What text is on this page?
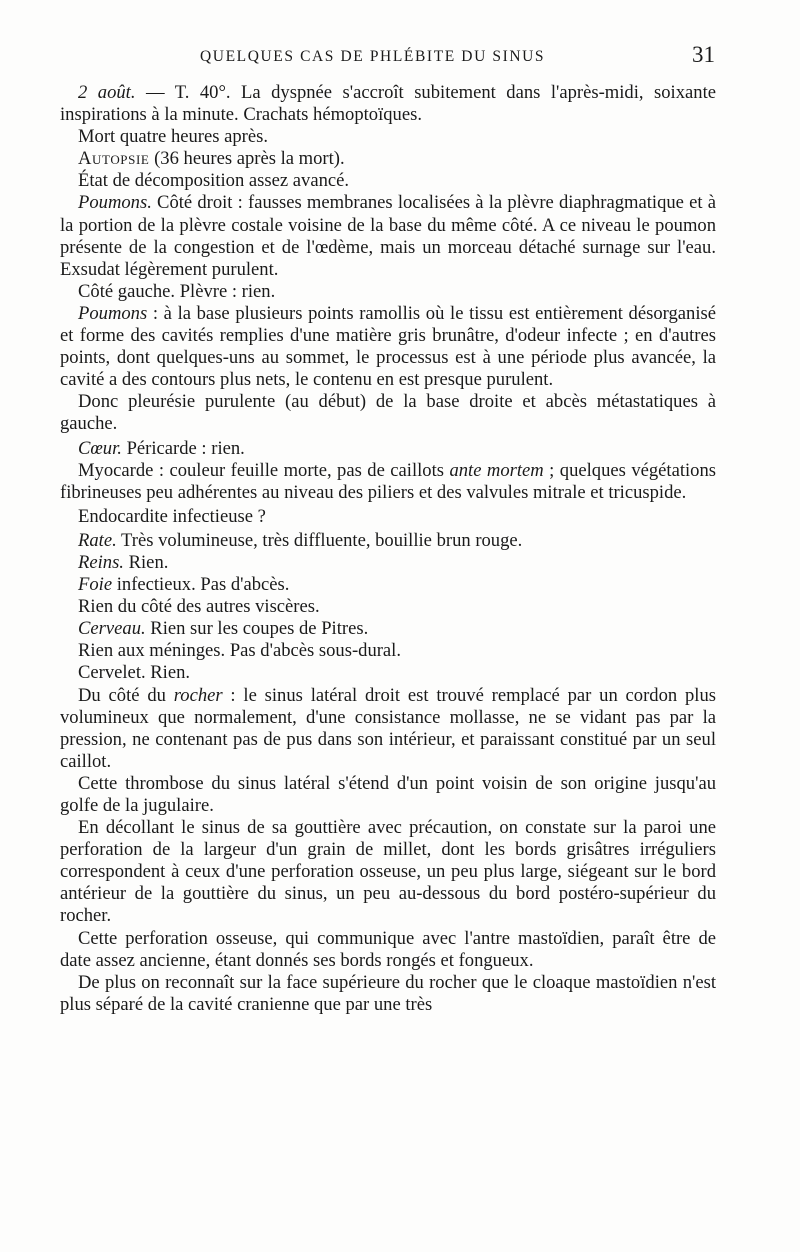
QUELQUES CAS DE PHLÉBITE DU SINUS	31

2 août. — T. 40°. La dyspnée s'accroît subitement dans l'après-midi, soixante inspirations à la minute. Crachats hémoptoïques.

Mort quatre heures après.

Autopsie (36 heures après la mort).

État de décomposition assez avancé.

Poumons. Côté droit : fausses membranes localisées à la plèvre diaphragmatique et à la portion de la plèvre costale voisine de la base du même côté. A ce niveau le poumon présente de la congestion et de l'œdème, mais un morceau détaché surnage sur l'eau. Exsudat légèrement purulent.

Côté gauche. Plèvre : rien.

Poumons : à la base plusieurs points ramollis où le tissu est entièrement désorganisé et forme des cavités remplies d'une matière gris brunâtre, d'odeur infecte ; en d'autres points, dont quelques-uns au sommet, le processus est à une période plus avancée, la cavité a des contours plus nets, le contenu en est presque purulent.

Donc pleurésie purulente (au début) de la base droite et abcès métastatiques à gauche.

Cœur. Péricarde : rien.

Myocarde : couleur feuille morte, pas de caillots ante mortem ; quelques végétations fibrineuses peu adhérentes au niveau des piliers et des valvules mitrale et tricuspide.

Endocardite infectieuse ?

Rate. Très volumineuse, très diffluente, bouillie brun rouge.

Reins. Rien.

Foie infectieux. Pas d'abcès.

Rien du côté des autres viscères.

Cerveau. Rien sur les coupes de Pitres.

Rien aux méninges. Pas d'abcès sous-dural.

Cervelet. Rien.

Du côté du rocher : le sinus latéral droit est trouvé remplacé par un cordon plus volumineux que normalement, d'une consistance mollasse, ne se vidant pas par la pression, ne contenant pas de pus dans son intérieur, et paraissant constitué par un seul caillot.

Cette thrombose du sinus latéral s'étend d'un point voisin de son origine jusqu'au golfe de la jugulaire.

En décollant le sinus de sa gouttière avec précaution, on constate sur la paroi une perforation de la largeur d'un grain de millet, dont les bords grisâtres irréguliers correspondent à ceux d'une perforation osseuse, un peu plus large, siégeant sur le bord antérieur de la gouttière du sinus, un peu au-dessous du bord postéro-supérieur du rocher.

Cette perforation osseuse, qui communique avec l'antre mastoïdien, paraît être de date assez ancienne, étant donnés ses bords rongés et fongueux.

De plus on reconnaît sur la face supérieure du rocher que le cloaque mastoïdien n'est plus séparé de la cavité cranienne que par une très
